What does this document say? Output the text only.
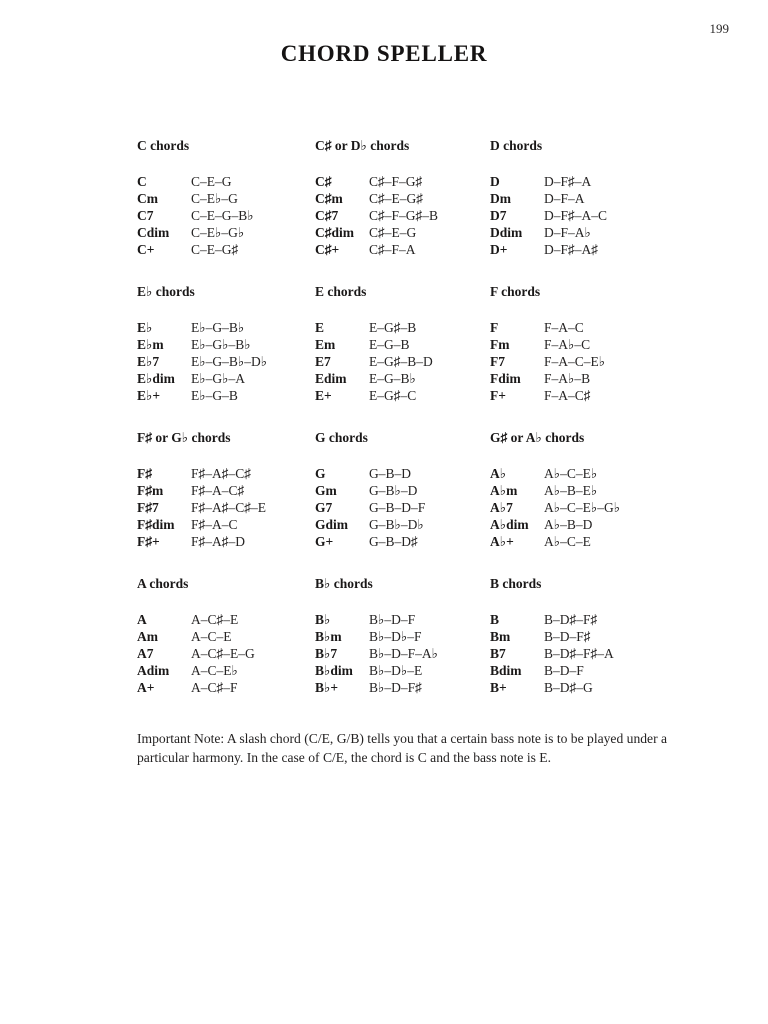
199
CHORD SPELLER
C chords
C	C–E–G
Cm	C–E♭–G
C7	C–E–G–B♭
Cdim	C–E♭–G♭
C+	C–E–G♯
C♯ or D♭ chords
C♯	C♯–F–G♯
C♯m	C♯–E–G♯
C♯7	C♯–F–G♯–B
C♯dim	C♯–E–G
C♯+	C♯–F–A
D chords
D	D–F♯–A
Dm	D–F–A
D7	D–F♯–A–C
Ddim	D–F–A♭
D+	D–F♯–A♯
E♭ chords
E♭	E♭–G–B♭
E♭m	E♭–G♭–B♭
E♭7	E♭–G–B♭–D♭
E♭dim	E♭–G♭–A
E♭+	E♭–G–B
E chords
E	E–G♯–B
Em	E–G–B
E7	E–G♯–B–D
Edim	E–G–B♭
E+	E–G♯–C
F chords
F	F–A–C
Fm	F–A♭–C
F7	F–A–C–E♭
Fdim	F–A♭–B
F+	F–A–C♯
F♯ or G♭ chords
F♯	F♯–A♯–C♯
F♯m	F♯–A–C♯
F♯7	F♯–A♯–C♯–E
F♯dim	F♯–A–C
F♯+	F♯–A♯–D
G chords
G	G–B–D
Gm	G–B♭–D
G7	G–B–D–F
Gdim	G–B♭–D♭
G+	G–B–D♯
G♯ or A♭ chords
A♭	A♭–C–E♭
A♭m	A♭–B–E♭
A♭7	A♭–C–E♭–G♭
A♭dim	A♭–B–D
A♭+	A♭–C–E
A chords
A	A–C♯–E
Am	A–C–E
A7	A–C♯–E–G
Adim	A–C–E♭
A+	A–C♯–F
B♭ chords
B♭	B♭–D–F
B♭m	B♭–D♭–F
B♭7	B♭–D–F–A♭
B♭dim	B♭–D♭–E
B♭+	B♭–D–F♯
B chords
B	B–D♯–F♯
Bm	B–D–F♯
B7	B–D♯–F♯–A
Bdim	B–D–F
B+	B–D♯–G

Important Note: A slash chord (C/E, G/B) tells you that a certain bass note is to be played under a particular harmony. In the case of C/E, the chord is C and the bass note is E.
